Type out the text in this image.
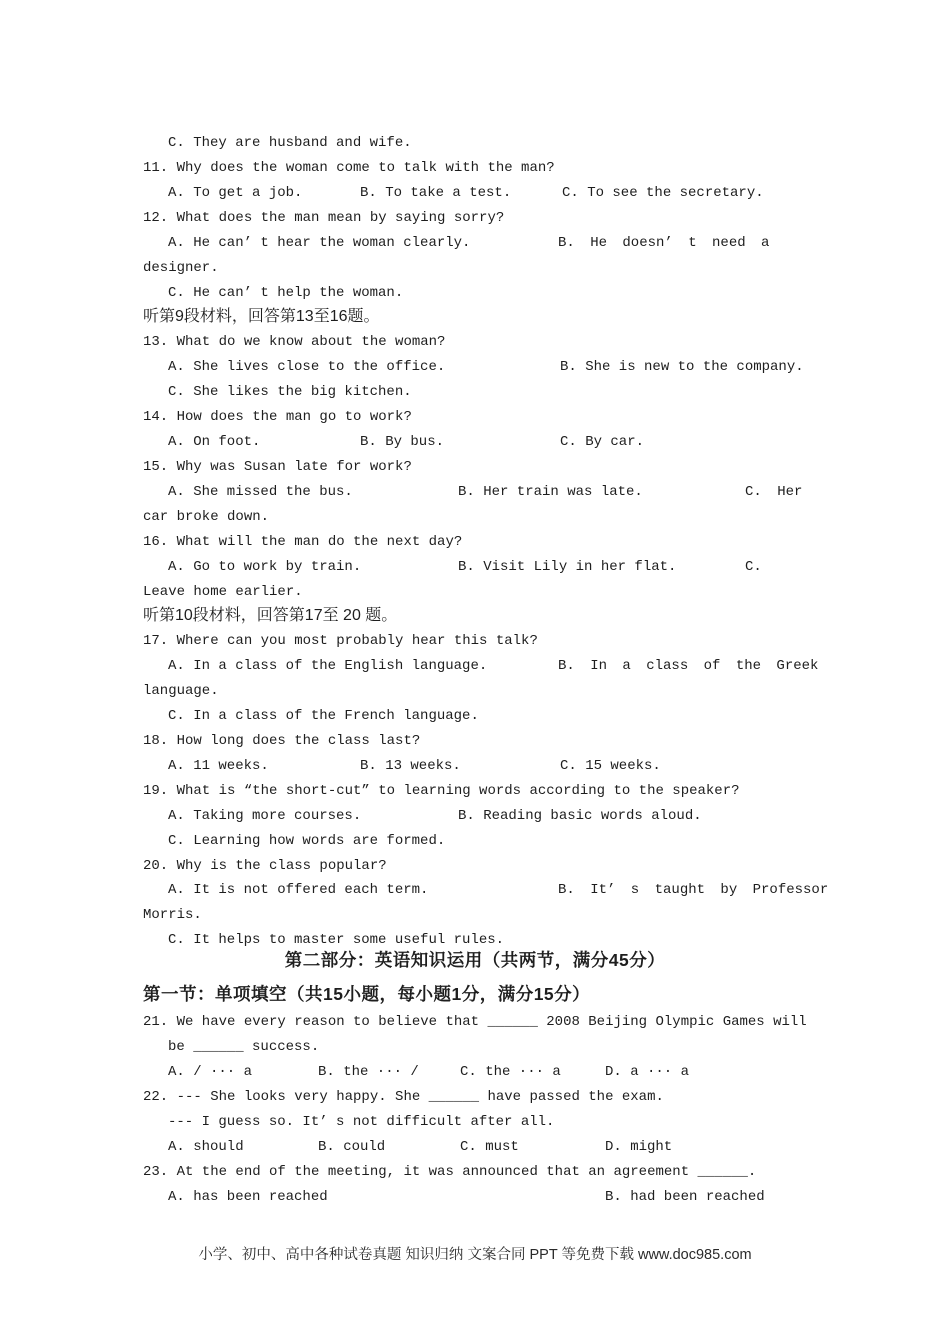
C. They are husband and wife.
11. Why does the woman come to talk with the man?
A. To get a job.	B. To take a test.	C. To see the secretary.
12. What does the man mean by saying sorry?
A. He can’ t hear the woman clearly.	B. He doesn’ t need a
designer.
C. He can’ t help the woman.
听第9段材料，回答第13至16题。
13. What do we know about the woman?
A. She lives close to the office.	B. She is new to the company.
C. She likes the big kitchen.
14. How does the man go to work?
A. On foot.	B. By bus.	C. By car.
15. Why was Susan late for work?
A. She missed the bus.	B. Her train was late.	C. Her
car broke down.
16. What will the man do the next day?
A. Go to work by train.	B. Visit Lily in her flat.	C.
Leave home earlier.
听第10段材料，回答第17至 20 题。
17. Where can you most probably hear this talk?
A. In a class of the English language.	B. In a class of the Greek
language.
C. In a class of the French language.
18. How long does the class last?
A. 11 weeks.	B. 13 weeks.	C. 15 weeks.
19. What is “the short-cut” to learning words according to the speaker?
A. Taking more courses.	B. Reading basic words aloud.
C. Learning how words are formed.
20. Why is the class popular?
A. It is not offered each term.	B. It’ s taught by Professor
Morris.
C. It helps to master some useful rules.
第二部分：英语知识运用（共两节，满分45分）
第一节：单项填空（共15小题，每小题1分，满分15分）
21. We have every reason to believe that ______ 2008 Beijing Olympic Games will
be ______ success.
A. / ··· a	B. the ··· /	C. the ··· a	D. a ··· a
22. --- She looks very happy. She ______ have passed the exam.
--- I guess so. It’ s not difficult after all.
A. should	B. could	C. must	D. might
23. At the end of the meeting, it was announced that an agreement ______.
A. has been reached	B. had been reached
小学、初中、高中各种试卷真题 知识归纳 文案合同 PPT 等免费下载 www.doc985.com
